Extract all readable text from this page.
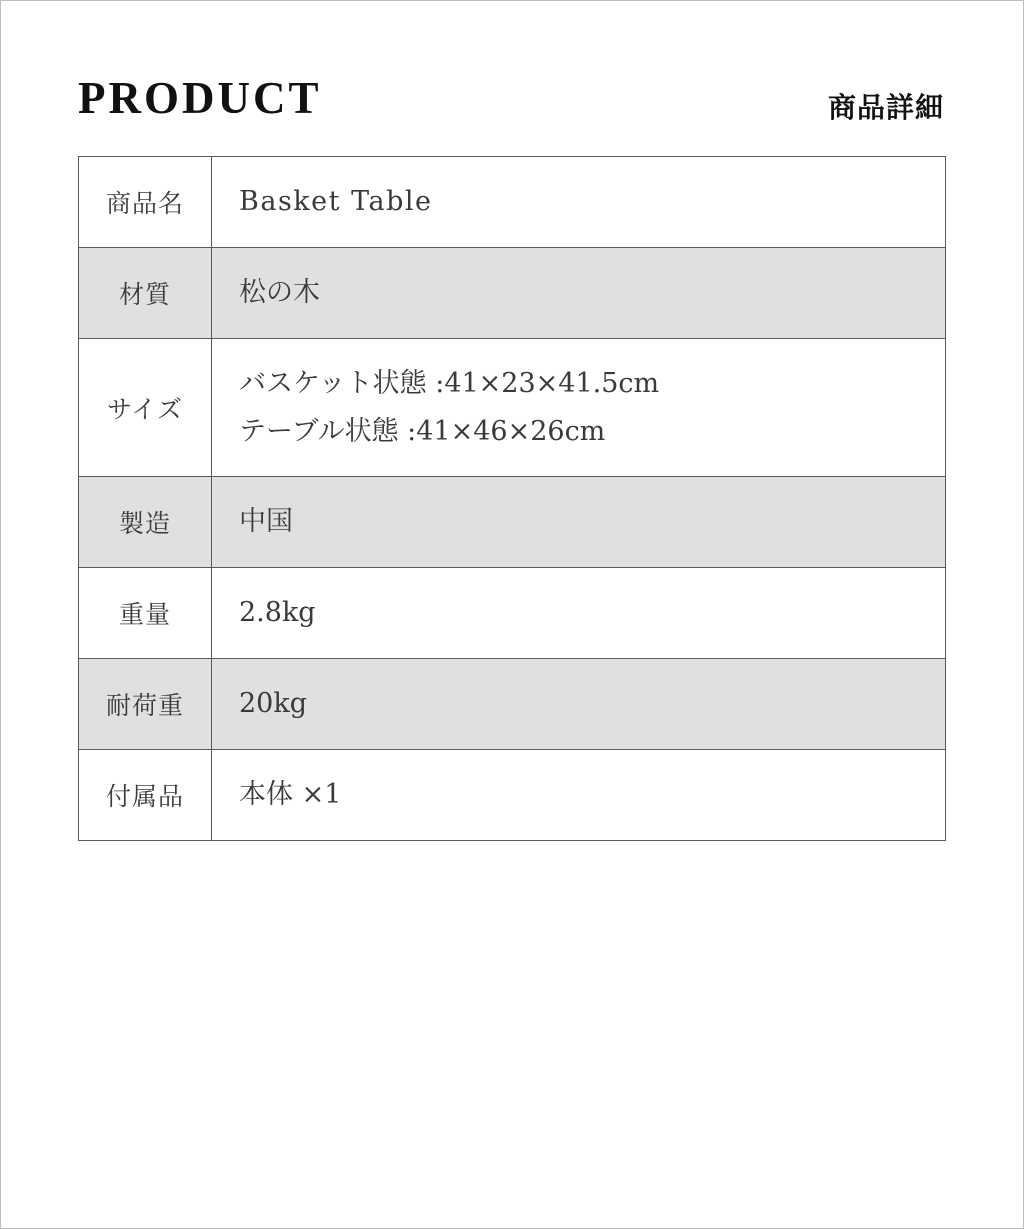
PRODUCT	商品詳細
商品名	Basket Table

材質	松の木

サイズ	バスケット状態 :41×23×41.5cm
テーブル状態 :41×46×26cm

製造	中国

重量	2.8kg

耐荷重	20kg

付属品	本体 ×1
